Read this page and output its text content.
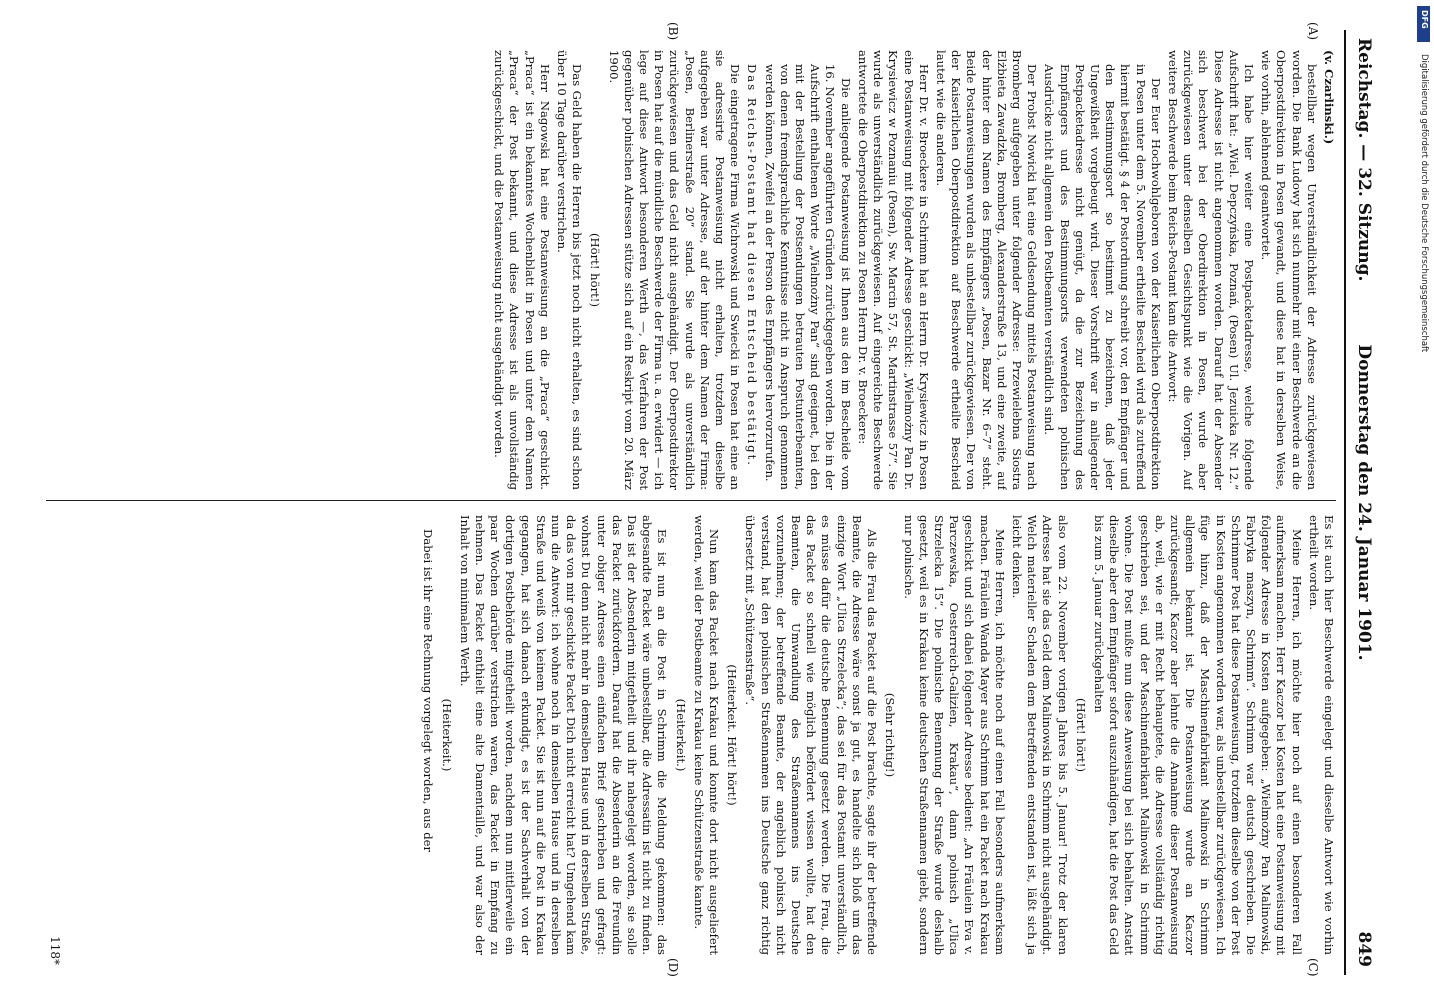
Reichstag. — 32. Sitzung.
Donnerstag den 24. Januar 1901.
849
(A)
(B)
(C)
(D)

(v. Czarlinski.)

bestellbar wegen Unverständlichkeit der Adresse zurückgewiesen worden. Die Bank Ludowy hat sich nunmehr mit einer Beschwerde an die Oberpostdirektion in Posen gewandt, und diese hat in derselben Weise, wie vorhin, ablehnend geantwortet.

Ich habe hier weiter eine Postpacketadresse, welche folgende Aufschrift hat: „Wiel. Depczyńska, Poznań, (Posen) Ul. Jezuicka Nr. 12.“ Diese Adresse ist nicht angenommen worden. Darauf hat der Absender sich beschwert bei der Oberdirektion in Posen, wurde aber zurückgewiesen unter denselben Gesichtspunkt wie die Vorigen. Auf weitere Beschwerde beim Reichs-Postamt kam die Antwort:

Der Euer Hochwohlgeboren von der Kaiserlichen Oberpostdirektion in Posen unter dem 5. November ertheilte Bescheid wird als zutreffend hiermit bestätigt. § 4 der Postordnung schreibt vor, den Empfänger und den Bestimmungsort so bestimmt zu bezeichnen, daß jeder Ungewißheit vorgebeugt wird. Dieser Vorschrift war in anliegender Postpacketadresse nicht genügt, da die zur Bezeichnung des Empfängers und des Bestimmungsorts verwendeten polnischen Ausdrücke nicht allgemein den Postbeamten verständlich sind.

Der Probst Nowicki hat eine Geldsendung mittels Postanweisung nach Bromberg aufgegeben unter folgender Adresse: Przewielebna Siostra Elżbieta Zawadzka, Bromberg, Alexanderstraße 13, und eine zweite, auf der hinter dem Namen des Empfängers „Posen, Bazar Nr. 6–7“ steht. Beide Postanweisungen wurden als unbestellbar zurückgewiesen. Der von der Kaiserlichen Oberpostdirektion auf Beschwerde ertheilte Bescheid lautet wie die anderen.

Herr Dr. v. Broeckere in Schrimm hat an Herrn Dr. Krysiewicz in Posen eine Postanweisung mit folgender Adresse geschickt: „Wielmożny Pan Dr. Krysiewicz w Poznaniu (Posen), Sw. Marcin 57, St. Martinstrasse 57“. Sie wurde als unverständlich zurückgewiesen. Auf eingereichte Beschwerde antwortete die Oberpostdirektion zu Posen Herrn Dr. v. Broeckere:

Die anliegende Postanweisung ist Ihnen aus den im Bescheide vom 16. November angeführten Gründen zurückgegeben worden. Die in der Aufschrift enthaltenen Worte „Wielmożny Pan“ sind geeignet, bei den mit der Bestellung der Postsendungen betrauten Postunterbeamten, von denen fremdsprachliche Kenntnisse nicht in Anspruch genommen werden können, Zweifel an der Person des Empfängers hervorzurufen.

Das Reichs-Postamt hat diesen Entscheid bestätigt.

Die eingetragene Firma Wichrowski und Swiecki in Posen hat eine an sie adressirte Postanweisung nicht erhalten, trotzdem dieselbe aufgegeben war unter Adresse, auf der hinter dem Namen der Firma: „Posen, Berlinerstraße 20“ stand. Sie wurde als unverständlich zurückgewiesen und das Geld nicht ausgehändigt. Der Oberpostdirektor in Posen hat auf die mündliche Beschwerde der Firma u. a. erwidert — ich lege auf diese Antwort besonderen Werth —, das Verfahren der Post gegenüber polnischen Adressen stütze sich auf ein Reskript vom 20. März 1900.

(Hört! hört!)

Das Geld haben die Herren bis jetzt noch nicht erhalten, es sind schon über 10 Tage darüber verstrichen.

Herr Nagowski hat eine Postanweisung an die „Praca“ geschickt. „Praca“ ist ein bekanntes Wochenblatt in Posen und unter dem Namen „Praca“ der Post bekannt, und diese Adresse ist als unvollständig zurückgeschickt, und die Postanweisung nicht ausgehändigt worden.

Es ist auch hier Beschwerde eingelegt und dieselbe Antwort wie vorhin ertheilt worden.

Meine Herren, ich möchte hier noch auf einen besonderen Fall aufmerksam machen. Herr Kaczor bei Kosten hat eine Postanweisung mit folgender Adresse in Kosten aufgegeben: „Wielmożny Pan Malinowski, Fabryka maszyn, Schrimm“. Schrimm war deutsch geschrieben. Die Schrimmer Post hat diese Postanweisung, trotzdem dieselbe von der Post in Kosten angenommen worden war, als unbestellbar zurückgewiesen. Ich füge hinzu, daß der Maschinenfabrikant Malinowski in Schrimm allgemein bekannt ist. Die Postanweisung wurde an Kaczor zurückgesandt; Kaczor aber lehnte die Annahme dieser Postanweisung ab, weil, wie er mit Recht behauptete, die Adresse vollständig richtig geschrieben sei, und der Maschinenfabrikant Malinowski in Schrimm wohne. Die Post mußte nun diese Anweisung bei sich behalten. Anstatt dieselbe aber dem Empfänger sofort auszuhändigen, hat die Post das Geld bis zum 5. Januar zurückgehalten

(Hört! hört!)

also vom 22. November vorigen Jahres bis 5. Januar! Trotz der klaren Adresse hat sie das Geld dem Malinowski in Schrimm nicht ausgehändigt. Welch materieller Schaden dem Betreffenden entstanden ist, läßt sich ja leicht denken.

Meine Herren, ich möchte noch auf einen Fall besonders aufmerksam machen. Fräulein Wanda Mayer aus Schrimm hat ein Packet nach Krakau geschickt und sich dabei folgender Adresse bedient: „An Fräulein Eva v. Parczewska, Oesterreich-Galizien, Krakau“, dann polnisch „Ulica Strzelecka 15“. Die polnische Benennung der Straße wurde deshalb gesetzt, weil es in Krakau keine deutschen Straßennamen giebt, sondern nur polnische.

(Sehr richtig!)

Als die Frau das Packet auf die Post brachte, sagte ihr der betreffende Beamte, die Adresse wäre sonst ja gut, es handelte sich bloß um das einzige Wort „Ulica Strzelecka“; das sei für das Postamt unverständlich, es müsse dafür die deutsche Benennung gesetzt werden. Die Frau, die das Packet so schnell wie möglich befördert wissen wollte, hat den Beamten, die Umwandlung des Straßennamens ins Deutsche vorzunehmen; der betreffende Beamte, der angeblich polnisch nicht verstand, hat den polnischen Straßennamen ins Deutsche ganz richtig übersetzt mit „Schützenstraße“.

(Heiterkeit. Hört! hört!)

Nun kam das Packet nach Krakau und konnte dort nicht ausgeliefert werden, weil der Postbeamte zu Krakau keine Schützenstraße kannte.

(Heiterkeit.)

Es ist nun an die Post in Schrimm die Meldung gekommen: das abgesandte Packet wäre unbestellbar, die Adressatin ist nicht zu finden. Das ist der Absenderin mitgetheilt und ihr nahegelegt worden, sie solle das Packet zurückfordern. Darauf hat die Absenderin an die Freundin unter obiger Adresse einen einfachen Brief geschrieben und gefragt: wohnst Du denn nicht mehr in demselben Hause und in derselben Straße, da das von mir geschickte Packet Dich nicht erreicht hat? Umgehend kam nun die Antwort: ich wohne noch in demselben Hause und in derselben Straße und weiß von keinem Packet. Sie ist nun auf die Post in Krakau gegangen, hat sich danach erkundigt, es ist der Sachverhalt von der dortigen Postbehörde mitgetheilt worden, nachdem nun mittlerweile ein paar Wochen darüber verstrichen waren, das Packet in Empfang zu nehmen. Das Packet enthielt eine alte Damentaille, und war also der Inhalt von minimalem Werth.

(Heiterkeit.)

Dabei ist ihr eine Rechnung vorgelegt worden, aus der

118*
Digitalisierung gefördert durch die Deutsche Forschungsgemeinschaft
DFG
